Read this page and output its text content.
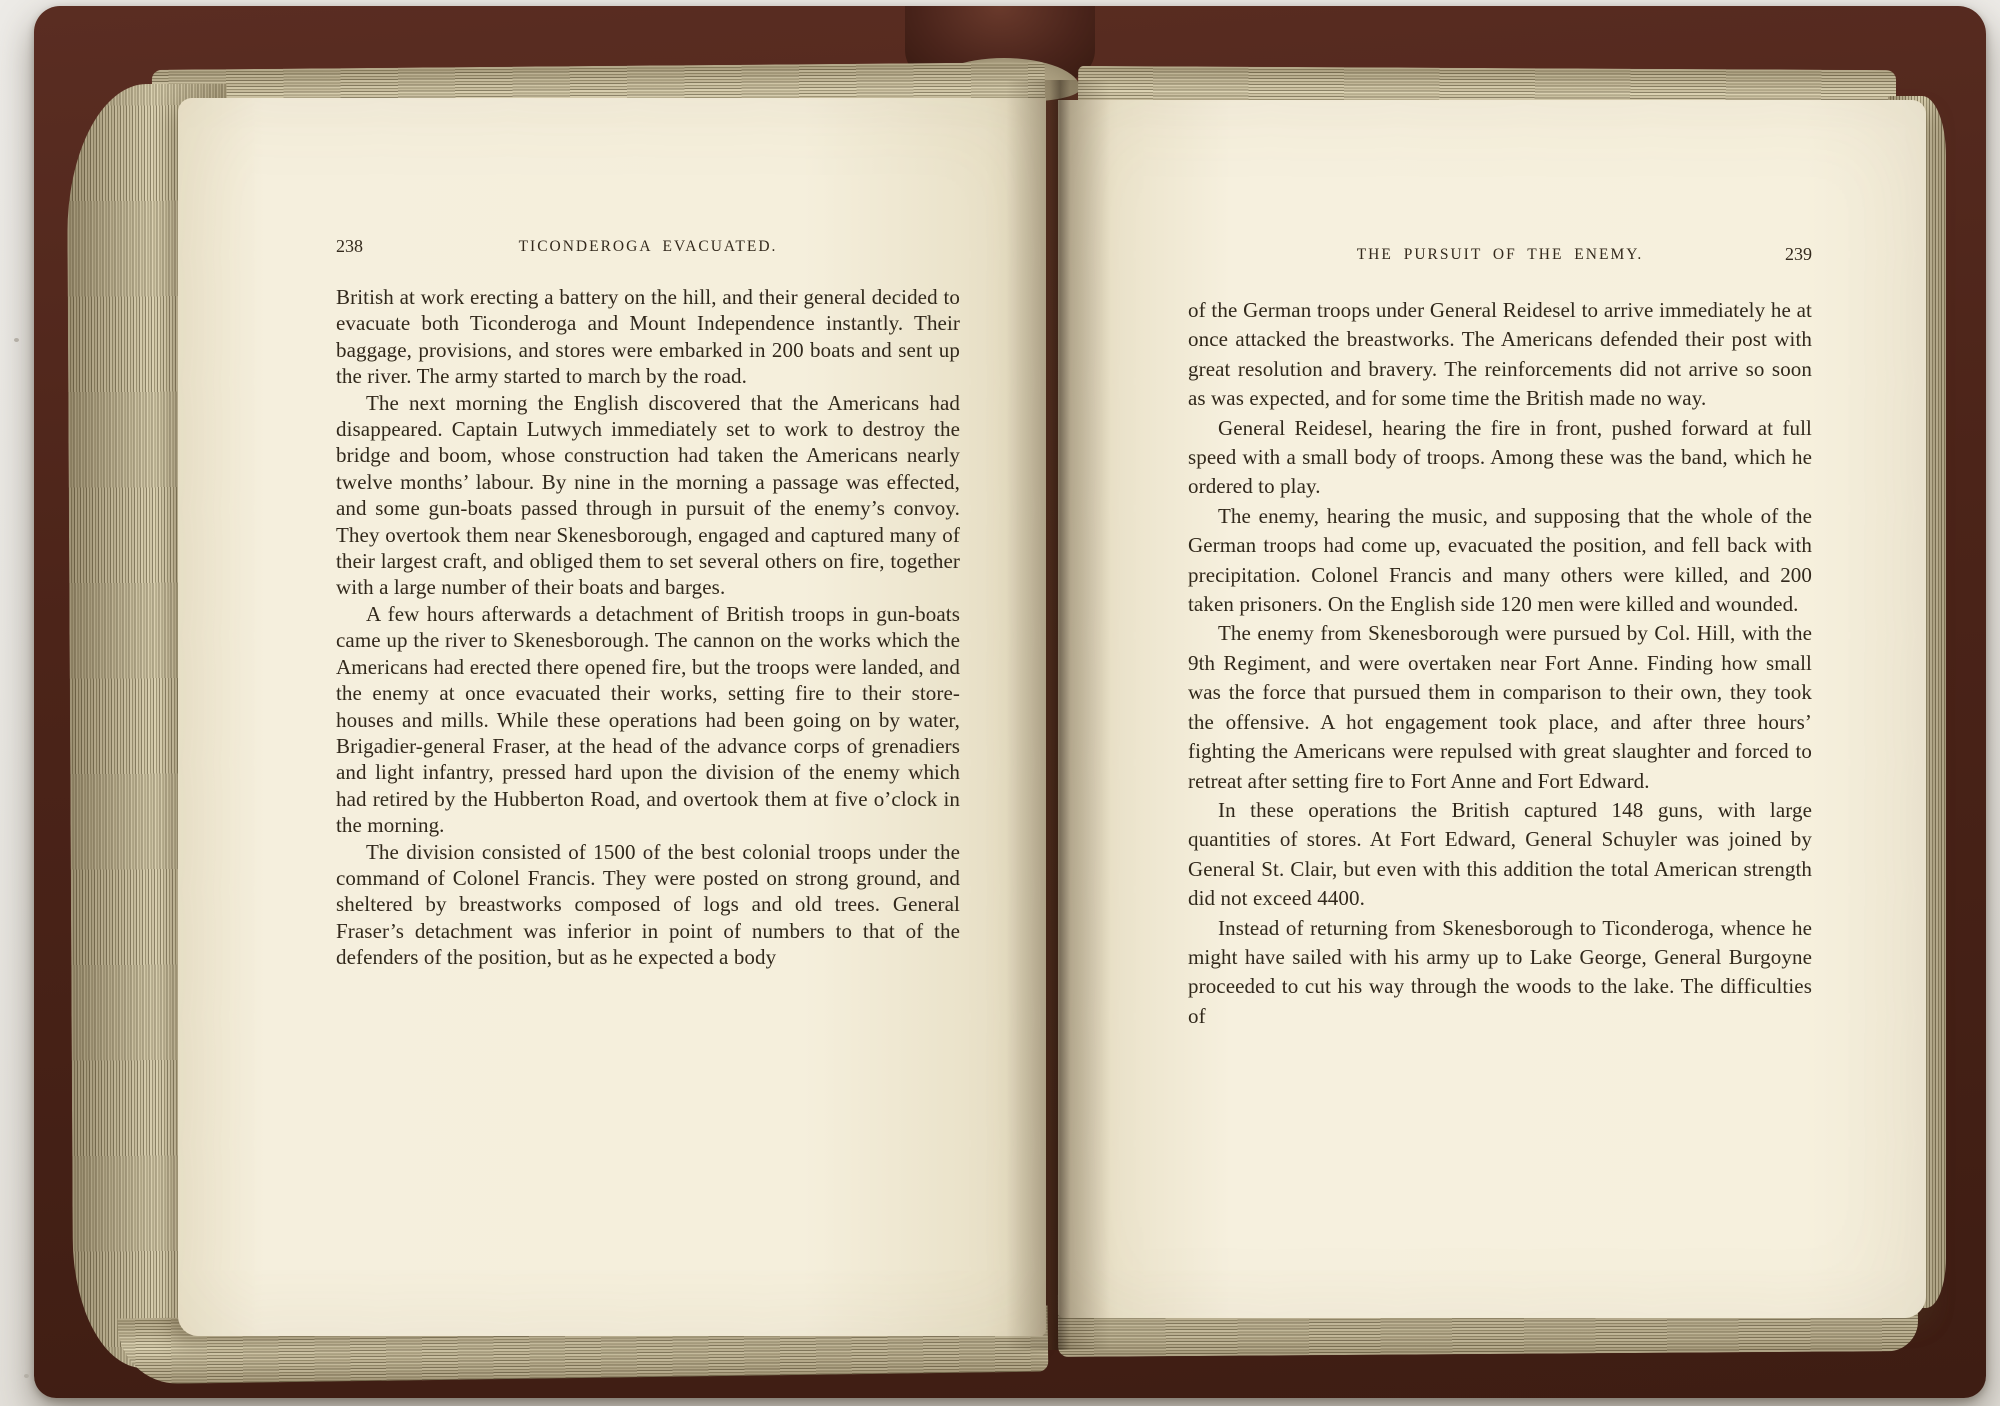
238	TICONDEROGA EVACUATED.

British at work erecting a battery on the hill, and their general decided to evacuate both Ticonderoga and Mount Independence instantly. Their baggage, provisions, and stores were embarked in 200 boats and sent up the river. The army started to march by the road.

The next morning the English discovered that the Americans had disappeared. Captain Lutwych immediately set to work to destroy the bridge and boom, whose construction had taken the Americans nearly twelve months’ labour. By nine in the morning a passage was effected, and some gun-boats passed through in pursuit of the enemy’s convoy. They overtook them near Skenesborough, engaged and captured many of their largest craft, and obliged them to set several others on fire, together with a large number of their boats and barges.

A few hours afterwards a detachment of British troops in gun-boats came up the river to Skenesborough. The cannon on the works which the Americans had erected there opened fire, but the troops were landed, and the enemy at once evacuated their works, setting fire to their store-houses and mills. While these operations had been going on by water, Brigadier-general Fraser, at the head of the advance corps of grenadiers and light infantry, pressed hard upon the division of the enemy which had retired by the Hubberton Road, and overtook them at five o’clock in the morning.

The division consisted of 1500 of the best colonial troops under the command of Colonel Francis. They were posted on strong ground, and sheltered by breastworks composed of logs and old trees. General Fraser’s detachment was inferior in point of numbers to that of the defenders of the position, but as he expected a body

THE PURSUIT OF THE ENEMY.	239

of the German troops under General Reidesel to arrive immediately he at once attacked the breastworks. The Americans defended their post with great resolution and bravery. The reinforcements did not arrive so soon as was expected, and for some time the British made no way.

General Reidesel, hearing the fire in front, pushed forward at full speed with a small body of troops. Among these was the band, which he ordered to play.

The enemy, hearing the music, and supposing that the whole of the German troops had come up, evacuated the position, and fell back with precipitation. Colonel Francis and many others were killed, and 200 taken prisoners. On the English side 120 men were killed and wounded.

The enemy from Skenesborough were pursued by Col. Hill, with the 9th Regiment, and were overtaken near Fort Anne. Finding how small was the force that pursued them in comparison to their own, they took the offensive. A hot engagement took place, and after three hours’ fighting the Americans were repulsed with great slaughter and forced to retreat after setting fire to Fort Anne and Fort Edward.

In these operations the British captured 148 guns, with large quantities of stores. At Fort Edward, General Schuyler was joined by General St. Clair, but even with this addition the total American strength did not exceed 4400.

Instead of returning from Skenesborough to Ticonderoga, whence he might have sailed with his army up to Lake George, General Burgoyne proceeded to cut his way through the woods to the lake. The difficulties of
